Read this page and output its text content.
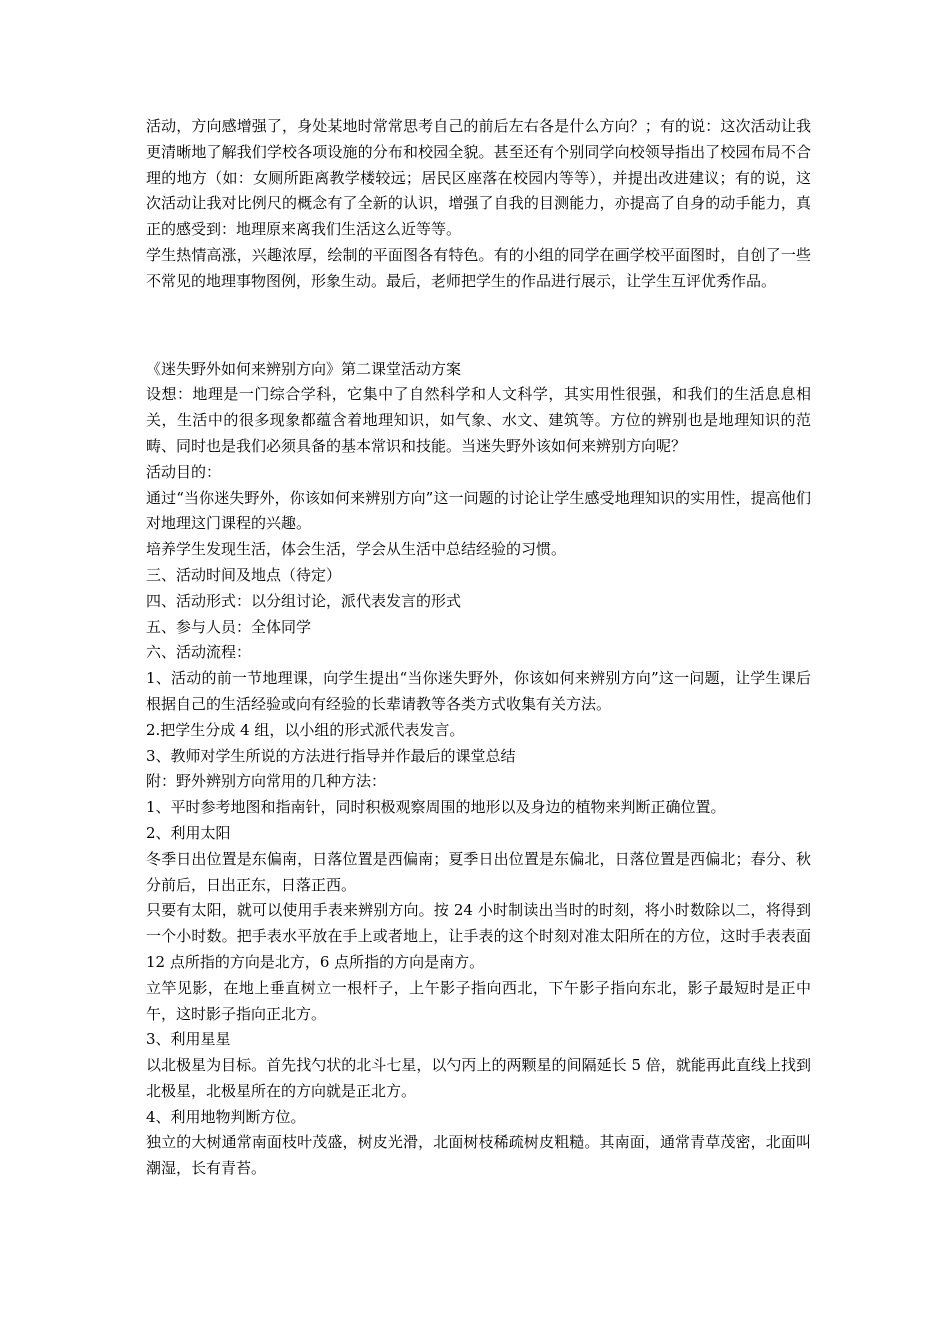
活动，方向感增强了，身处某地时常常思考自己的前后左右各是什么方向？；有的说：这次活动让我更清晰地了解我们学校各项设施的分布和校园全貌。甚至还有个别同学向校领导指出了校园布局不合理的地方（如：女厕所距离教学楼较远；居民区座落在校园内等等），并提出改进建议；有的说，这次活动让我对比例尺的概念有了全新的认识，增强了自我的目测能力，亦提高了自身的动手能力，真正的感受到：地理原来离我们生活这么近等等。

学生热情高涨，兴趣浓厚，绘制的平面图各有特色。有的小组的同学在画学校平面图时，自创了一些不常见的地理事物图例，形象生动。最后，老师把学生的作品进行展示，让学生互评优秀作品。

《迷失野外如何来辨别方向》第二课堂活动方案

设想：地理是一门综合学科，它集中了自然科学和人文科学，其实用性很强，和我们的生活息息相关，生活中的很多现象都蕴含着地理知识，如气象、水文、建筑等。方位的辨别也是地理知识的范畴、同时也是我们必须具备的基本常识和技能。当迷失野外该如何来辨别方向呢？

活动目的：

通过“当你迷失野外，你该如何来辨别方向”这一问题的讨论让学生感受地理知识的实用性，提高他们对地理这门课程的兴趣。

培养学生发现生活，体会生活，学会从生活中总结经验的习惯。

三、活动时间及地点（待定）

四、活动形式：以分组讨论，派代表发言的形式

五、参与人员：全体同学

六、活动流程：

1、活动的前一节地理课，向学生提出“当你迷失野外，你该如何来辨别方向”这一问题，让学生课后根据自己的生活经验或向有经验的长辈请教等各类方式收集有关方法。

2.把学生分成 4 组，以小组的形式派代表发言。

3、教师对学生所说的方法进行指导并作最后的课堂总结

附：野外辨别方向常用的几种方法：

1、平时参考地图和指南针，同时积极观察周围的地形以及身边的植物来判断正确位置。

2、利用太阳

冬季日出位置是东偏南，日落位置是西偏南；夏季日出位置是东偏北，日落位置是西偏北；春分、秋分前后，日出正东，日落正西。

只要有太阳，就可以使用手表来辨别方向。按 24 小时制读出当时的时刻，将小时数除以二，将得到一个小时数。把手表水平放在手上或者地上，让手表的这个时刻对准太阳所在的方位，这时手表表面 12 点所指的方向是北方，6 点所指的方向是南方。

立竿见影，在地上垂直树立一根杆子，上午影子指向西北，下午影子指向东北，影子最短时是正中午，这时影子指向正北方。

3、利用星星

以北极星为目标。首先找勺状的北斗七星，以勺丙上的两颗星的间隔延长 5 倍，就能再此直线上找到北极星，北极星所在的方向就是正北方。

4、利用地物判断方位。

独立的大树通常南面枝叶茂盛，树皮光滑，北面树枝稀疏树皮粗糙。其南面，通常青草茂密，北面叫潮湿，长有青苔。
